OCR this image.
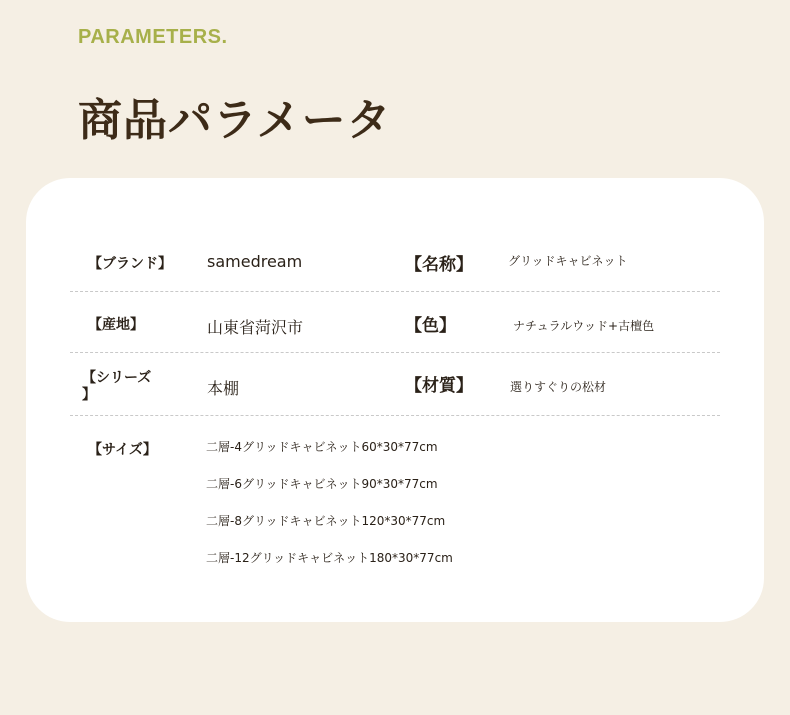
PARAMETERS.
商品パラメータ
【ブランド】 samedream	【名称】	グリッドキャビネット
【産地】	山東省菏沢市	【色】	ナチュラルウッド+古檀色
【シリーズ
】	本棚	【材質】	選りすぐりの松材
【サイズ】	二層-4グリッドキャビネット60*30*77cm
二層-6グリッドキャビネット90*30*77cm
二層-8グリッドキャビネット120*30*77cm
二層-12グリッドキャビネット180*30*77cm
